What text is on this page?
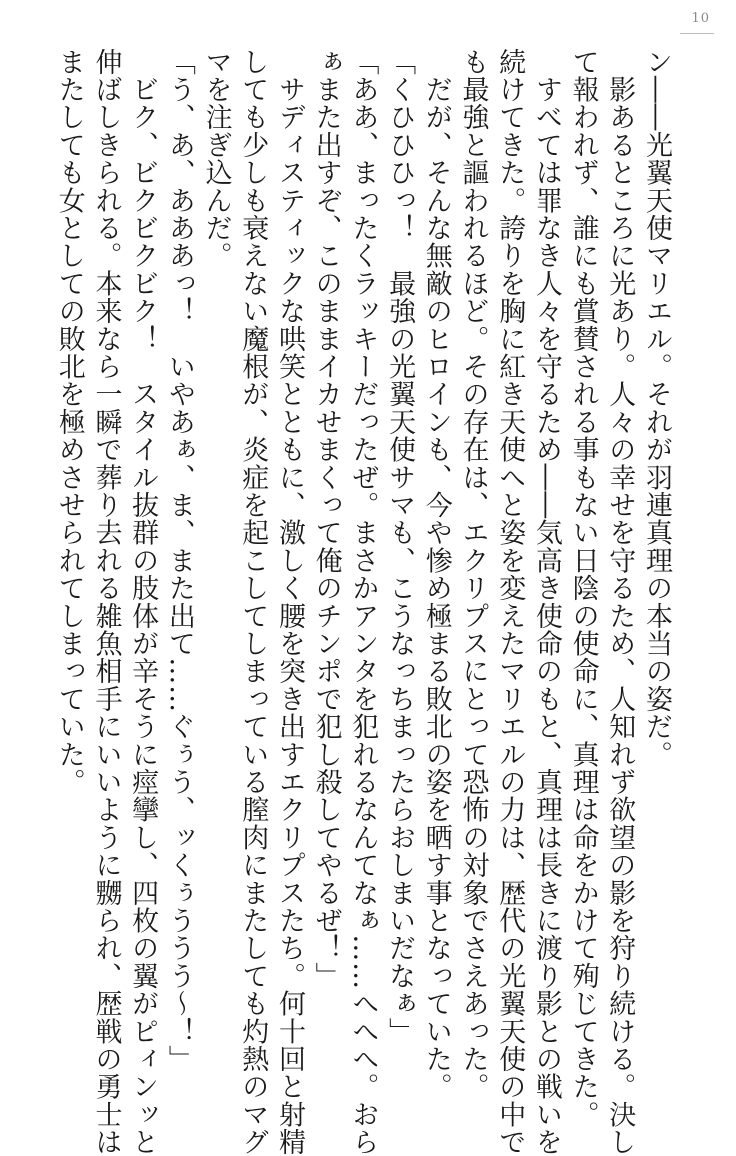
10

ン――光翼天使マリエル。それが羽連真理の本当の姿だ。

　影あるところに光あり。人々の幸せを守るため、人知れず欲望の影を狩り続ける。決し

て報われず、誰にも賞賛される事もない日陰の使命に、真理は命をかけて殉じてきた。

　すべては罪なき人々を守るため――気高き使命のもと、真理は長きに渡り影との戦いを

続けてきた。誇りを胸に紅き天使へと姿を変えたマリエルの力は、歴代の光翼天使の中で

も最強と謳われるほど。その存在は、エクリプスにとって恐怖の対象でさえあった。

　だが、そんな無敵のヒロインも、今や惨め極まる敗北の姿を晒す事となっていた。

「くひひひっ！　最強の光翼天使サマも、こうなっちまったらおしまいだなぁ」

「ああ、まったくラッキーだったぜ。まさかアンタを犯れるなんてなぁ……へへへ。おら

ぁまた出すぞ、このままイカせまくって俺のチンポで犯し殺してやるぜ！」

　サディスティックな哄笑とともに、激しく腰を突き出すエクリプスたち。何十回と射精

しても少しも衰えない魔根が、炎症を起こしてしまっている膣肉にまたしても灼熱のマグ

マを注ぎ込んだ。

「う、あ、あああっ！　いやあぁ、ま、また出て……ぐぅう、ッくぅううう～！」

　ビク、ビクビクビク！　スタイル抜群の肢体が辛そうに痙攣し、四枚の翼がピィンッと

伸ばしきられる。本来なら一瞬で葬り去れる雑魚相手にいいように嬲られ、歴戦の勇士は

またしても女としての敗北を極めさせられてしまっていた。
